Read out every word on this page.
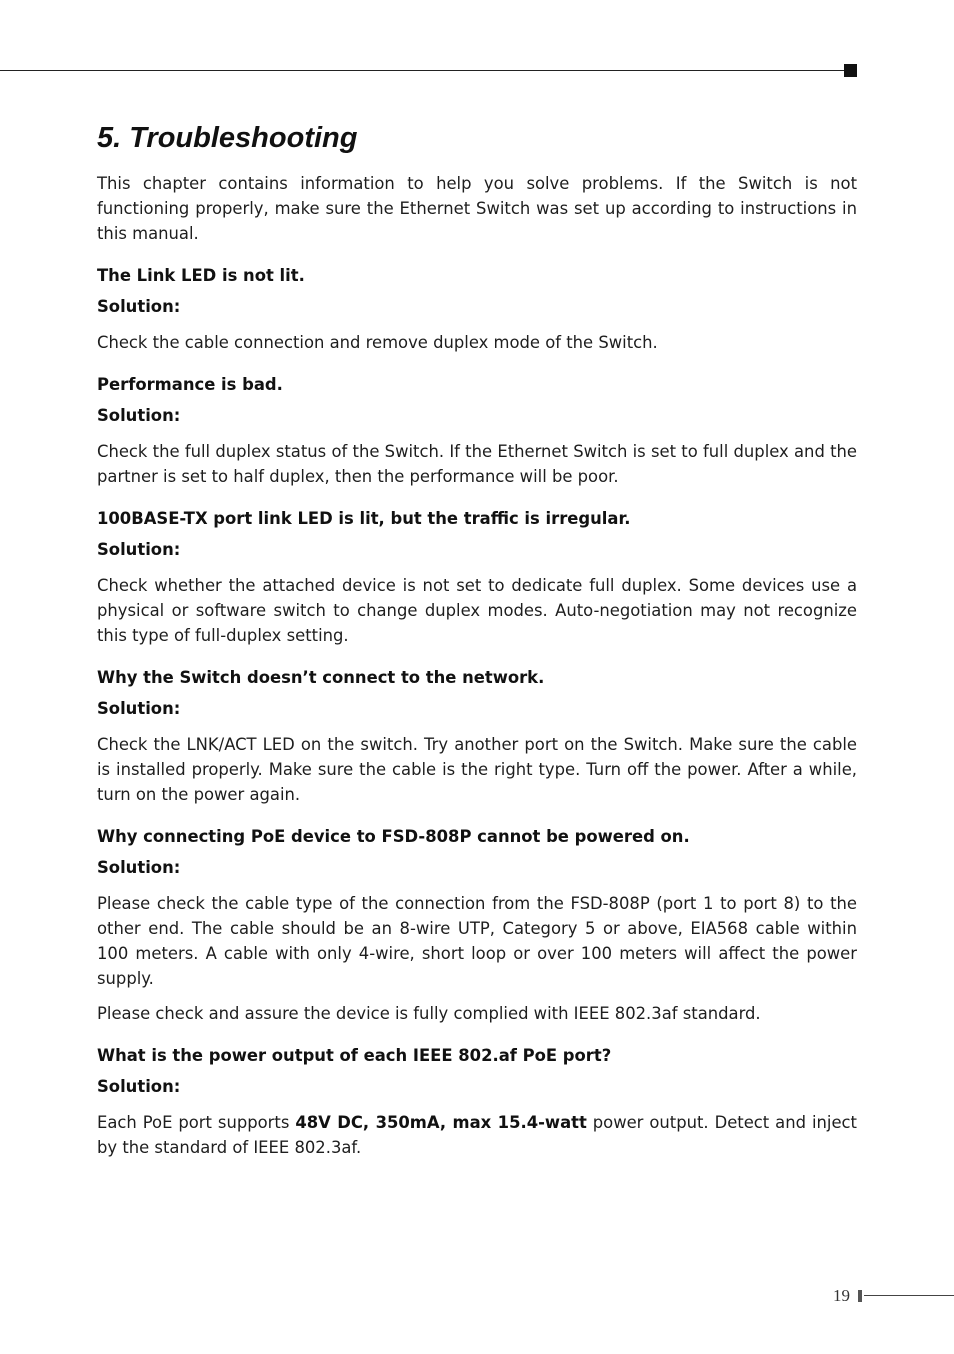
5. Troubleshooting

This chapter contains information to help you solve problems. If the Switch is not functioning properly, make sure the Ethernet Switch was set up according to instructions in this manual.

The Link LED is not lit.

Solution:

Check the cable connection and remove duplex mode of the Switch.

Performance is bad.

Solution:

Check the full duplex status of the Switch. If the Ethernet Switch is set to full duplex and the partner is set to half duplex, then the performance will be poor.

100BASE-TX port link LED is lit, but the traffic is irregular.

Solution:

Check whether the attached device is not set to dedicate full duplex. Some devices use a physical or software switch to change duplex modes. Auto-negotiation may not recognize this type of full-duplex setting.

Why the Switch doesn’t connect to the network.

Solution:

Check the LNK/ACT LED on the switch. Try another port on the Switch. Make sure the cable is installed properly. Make sure the cable is the right type. Turn off the power. After a while, turn on the power again.

Why connecting PoE device to FSD-808P cannot be powered on.

Solution:

Please check the cable type of the connection from the FSD-808P (port 1 to port 8) to the other end. The cable should be an 8-wire UTP, Category 5 or above, EIA568 cable within 100 meters. A cable with only 4-wire, short loop or over 100 meters will affect the power supply.

Please check and assure the device is fully complied with IEEE 802.3af standard.

What is the power output of each IEEE 802.af PoE port?

Solution:

Each PoE port supports 48V DC, 350mA, max 15.4-watt power output. Detect and inject by the standard of IEEE 802.3af.

19
